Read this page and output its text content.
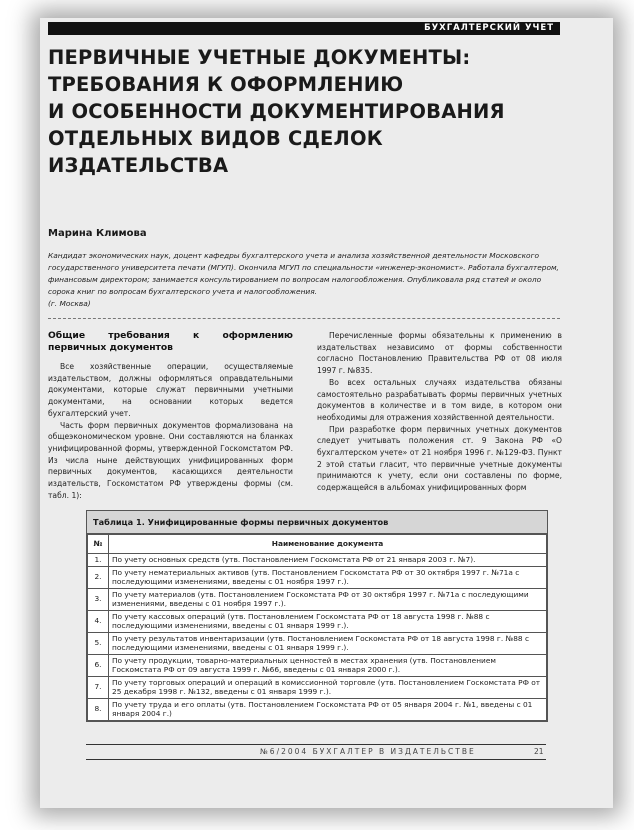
БУХГАЛТЕРСКИЙ УЧЕТ
ПЕРВИЧНЫЕ УЧЕТНЫЕ ДОКУМЕНТЫ:
ТРЕБОВАНИЯ К ОФОРМЛЕНИЮ
И ОСОБЕННОСТИ ДОКУМЕНТИРОВАНИЯ
ОТДЕЛЬНЫХ ВИДОВ СДЕЛОК ИЗДАТЕЛЬСТВА
Марина Климова
Кандидат экономических наук, доцент кафедры бухгалтерского учета и анализа хозяйственной деятельности Московского государственного университета печати (МГУП). Окончила МГУП по специальности «инженер-экономист». Работала бухгалтером, финансовым директором; занимается консультированием по вопросам налогообложения. Опубликовала ряд статей и около сорока книг по вопросам бухгалтерского учета и налогообложения.
(г. Москва)
Общие требования к оформлению первичных документов

Все хозяйственные операции, осуществляемые издательством, должны оформляться оправдательными документами, которые служат первичными учетными документами, на основании которых ведется бухгалтерский учет.

Часть форм первичных документов формализована на общеэкономическом уровне. Они составляются на бланках унифицированной формы, утвержденной Госкомстатом РФ. Из числа ныне действующих унифицированных форм первичных документов, касающихся деятельности издательств, Госкомстатом РФ утверждены формы (см. табл. 1):

Перечисленные формы обязательны к применению в издательствах независимо от формы собственности согласно Постановлению Правительства РФ от 08 июля 1997 г. №835.

Во всех остальных случаях издательства обязаны самостоятельно разрабатывать формы первичных учетных документов в количестве и в том виде, в котором они необходимы для отражения хозяйственной деятельности.

При разработке форм первичных учетных документов следует учитывать положения ст. 9 Закона РФ «О бухгалтерском учете» от 21 ноября 1996 г. №129-ФЗ. Пункт 2 этой статьи гласит, что первичные учетные документы принимаются к учету, если они составлены по форме, содержащейся в альбомах унифицированных форм

Таблица 1. Унифицированные формы первичных документов
№	Наименование документа
1.	По учету основных средств (утв. Постановлением Госкомстата РФ от 21 января 2003 г. №7).
2.	По учету нематериальных активов (утв. Постановлением Госкомстата РФ от 30 октября 1997 г. №71а с последующими изменениями, введены с 01 ноября 1997 г.).
3.	По учету материалов (утв. Постановлением Госкомстата РФ от 30 октября 1997 г. №71а с последующими изменениями, введены с 01 ноября 1997 г.).
4.	По учету кассовых операций (утв. Постановлением Госкомстата РФ от 18 августа 1998 г. №88 с последующими изменениями, введены с 01 января 1999 г.).
5.	По учету результатов инвентаризации (утв. Постановлением Госкомстата РФ от 18 августа 1998 г. №88 с последующими изменениями, введены с 01 января 1999 г.).
6.	По учету продукции, товарно-материальных ценностей в местах хранения (утв. Постановлением Госкомстата РФ от 09 августа 1999 г. №66, введены с 01 января 2000 г.).
7.	По учету торговых операций и операций в комиссионной торговле (утв. Постановлением Госкомстата РФ от 25 декабря 1998 г. №132, введены с 01 января 1999 г.).
8.	По учету труда и его оплаты (утв. Постановлением Госкомстата РФ от 05 января 2004 г. №1, введены с 01 января 2004 г.)
№6/2004 БУХГАЛТЕР В ИЗДАТЕЛЬСТВЕ	21
